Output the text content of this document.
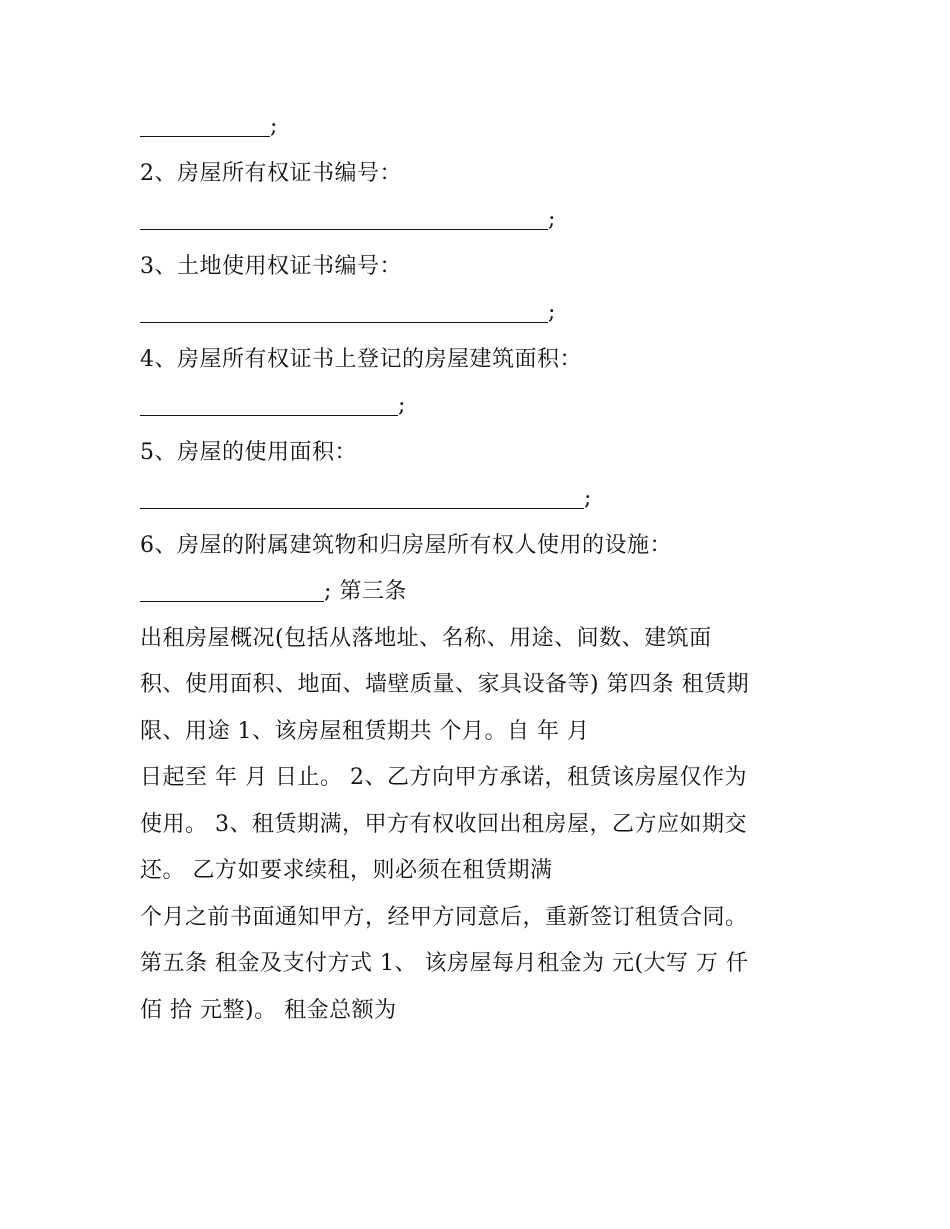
;
2、房屋所有权证书编号：
;
3、土地使用权证书编号：
;
4、房屋所有权证书上登记的房屋建筑面积：
;
5、房屋的使用面积：
;
6、房屋的附属建筑物和归房屋所有权人使用的设施：
; 第三条
出租房屋概况(包括从落地址、名称、用途、间数、建筑面
积、使用面积、地面、墙壁质量、家具设备等) 第四条 租赁期
限、用途 1、该房屋租赁期共 个月。自 年 月
日起至 年 月 日止。 2、乙方向甲方承诺，租赁该房屋仅作为
使用。 3、租赁期满，甲方有权收回出租房屋，乙方应如期交
还。 乙方如要求续租，则必须在租赁期满
个月之前书面通知甲方，经甲方同意后，重新签订租赁合同。
第五条 租金及支付方式 1、 该房屋每月租金为 元(大写 万 仟
佰 拾 元整)。 租金总额为
